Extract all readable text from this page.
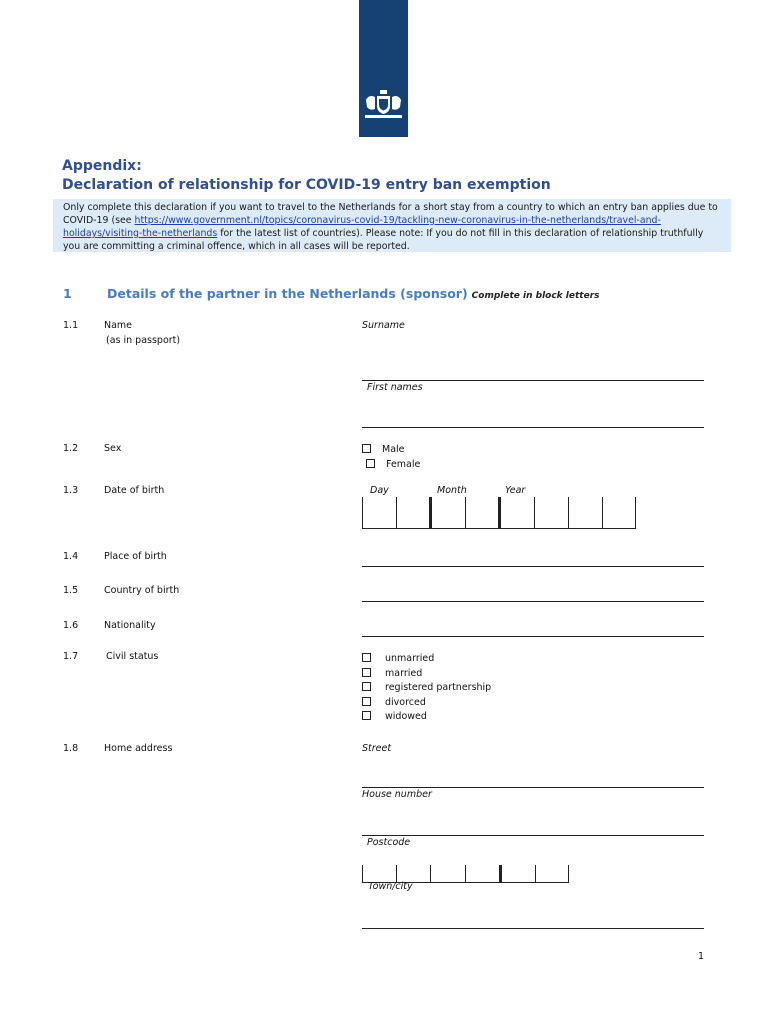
Appendix:
Declaration of relationship for COVID-19 entry ban exemption

Only complete this declaration if you want to travel to the Netherlands for a short stay from a country to which an entry ban applies due to COVID-19 (see https://www.government.nl/topics/coronavirus-covid-19/tackling-new-coronavirus-in-the-netherlands/travel-and-holidays/visiting-the-netherlands for the latest list of countries). Please note: If you do not fill in this declaration of relationship truthfully you are committing a criminal offence, which in all cases will be reported.

1	Details of the partner in the Netherlands (sponsor) Complete in block letters
1.1	Name
(as in passport)
Surname
First names
1.2	Sex	Male
Female
1.3	Date of birth	Day	Month	Year
1.4	Place of birth
1.5	Country of birth
1.6	Nationality
1.7	Civil status	unmarried
married
registered partnership
divorced
widowed
1.8	Home address	Street
House number
Postcode
Town/city
1
